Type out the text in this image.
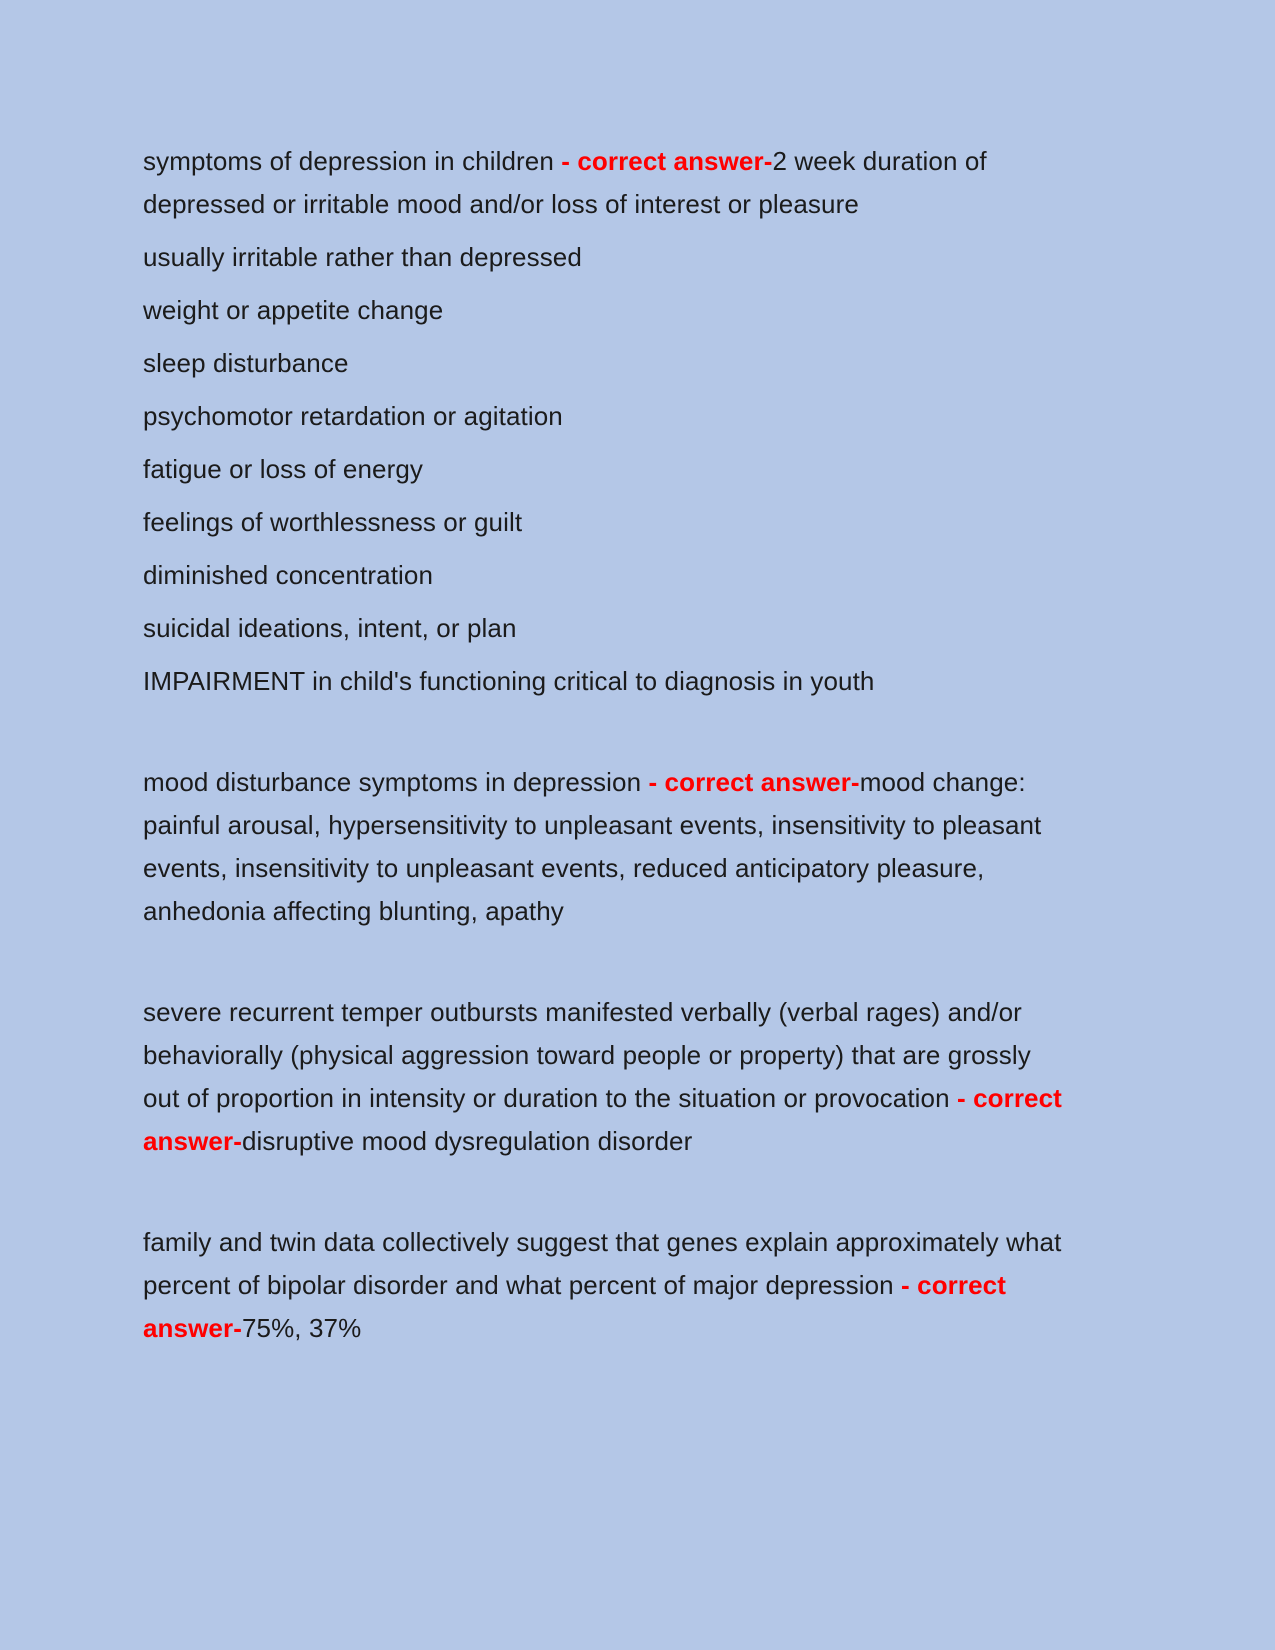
symptoms of depression in children - correct answer-2 week duration of depressed or irritable mood and/or loss of interest or pleasure

usually irritable rather than depressed

weight or appetite change

sleep disturbance

psychomotor retardation or agitation

fatigue or loss of energy

feelings of worthlessness or guilt

diminished concentration

suicidal ideations, intent, or plan

IMPAIRMENT in child's functioning critical to diagnosis in youth

mood disturbance symptoms in depression - correct answer-mood change: painful arousal, hypersensitivity to unpleasant events, insensitivity to pleasant events, insensitivity to unpleasant events, reduced anticipatory pleasure, anhedonia affecting blunting, apathy

severe recurrent temper outbursts manifested verbally (verbal rages) and/or behaviorally (physical aggression toward people or property) that are grossly out of proportion in intensity or duration to the situation or provocation - correct answer-disruptive mood dysregulation disorder

family and twin data collectively suggest that genes explain approximately what percent of bipolar disorder and what percent of major depression - correct answer-75%, 37%
